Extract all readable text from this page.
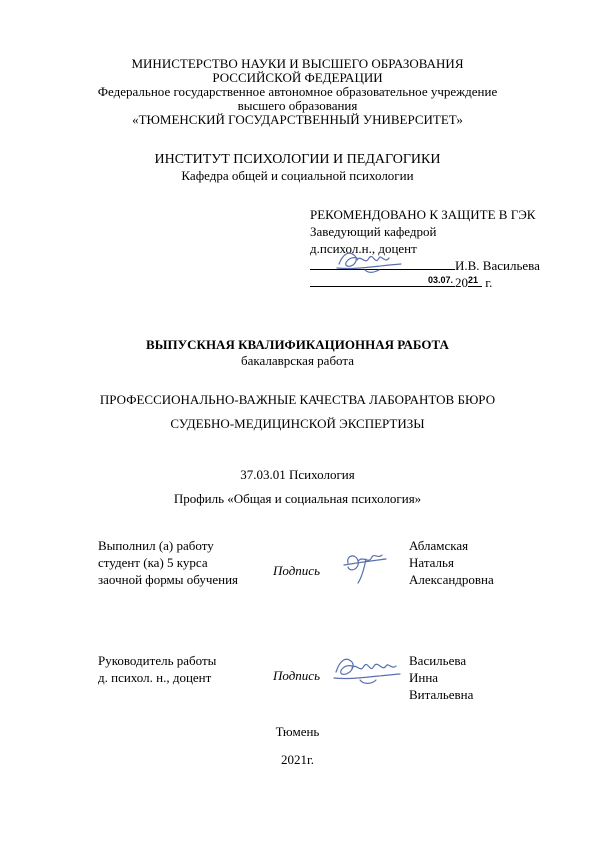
МИНИСТЕРСТВО НАУКИ И ВЫСШЕГО ОБРАЗОВАНИЯ
РОССИЙСКОЙ ФЕДЕРАЦИИ
Федеральное государственное автономное образовательное учреждение
высшего образования
«ТЮМЕНСКИЙ ГОСУДАРСТВЕННЫЙ УНИВЕРСИТЕТ»
ИНСТИТУТ ПСИХОЛОГИИ И ПЕДАГОГИКИ
Кафедра общей и социальной психологии
РЕКОМЕНДОВАНО К ЗАЩИТЕ В ГЭК
Заведующий кафедрой
д.психол.н., доцент
И.В. Васильева
03.07. 20 21 г.
ВЫПУСКНАЯ КВАЛИФИКАЦИОННАЯ РАБОТА
бакалаврская работа
ПРОФЕССИОНАЛЬНО-ВАЖНЫЕ КАЧЕСТВА ЛАБОРАНТОВ БЮРО
СУДЕБНО-МЕДИЦИНСКОЙ ЭКСПЕРТИЗЫ
37.03.01 Психология
Профиль «Общая и социальная психология»
Выполнил (а) работу
студент (ка) 5 курса
заочной формы обучения
Подпись
Абламская
Наталья
Александровна
Руководитель работы
д. психол. н., доцент	Подпись
Васильева
Инна
Витальевна
Тюмень
2021г.
